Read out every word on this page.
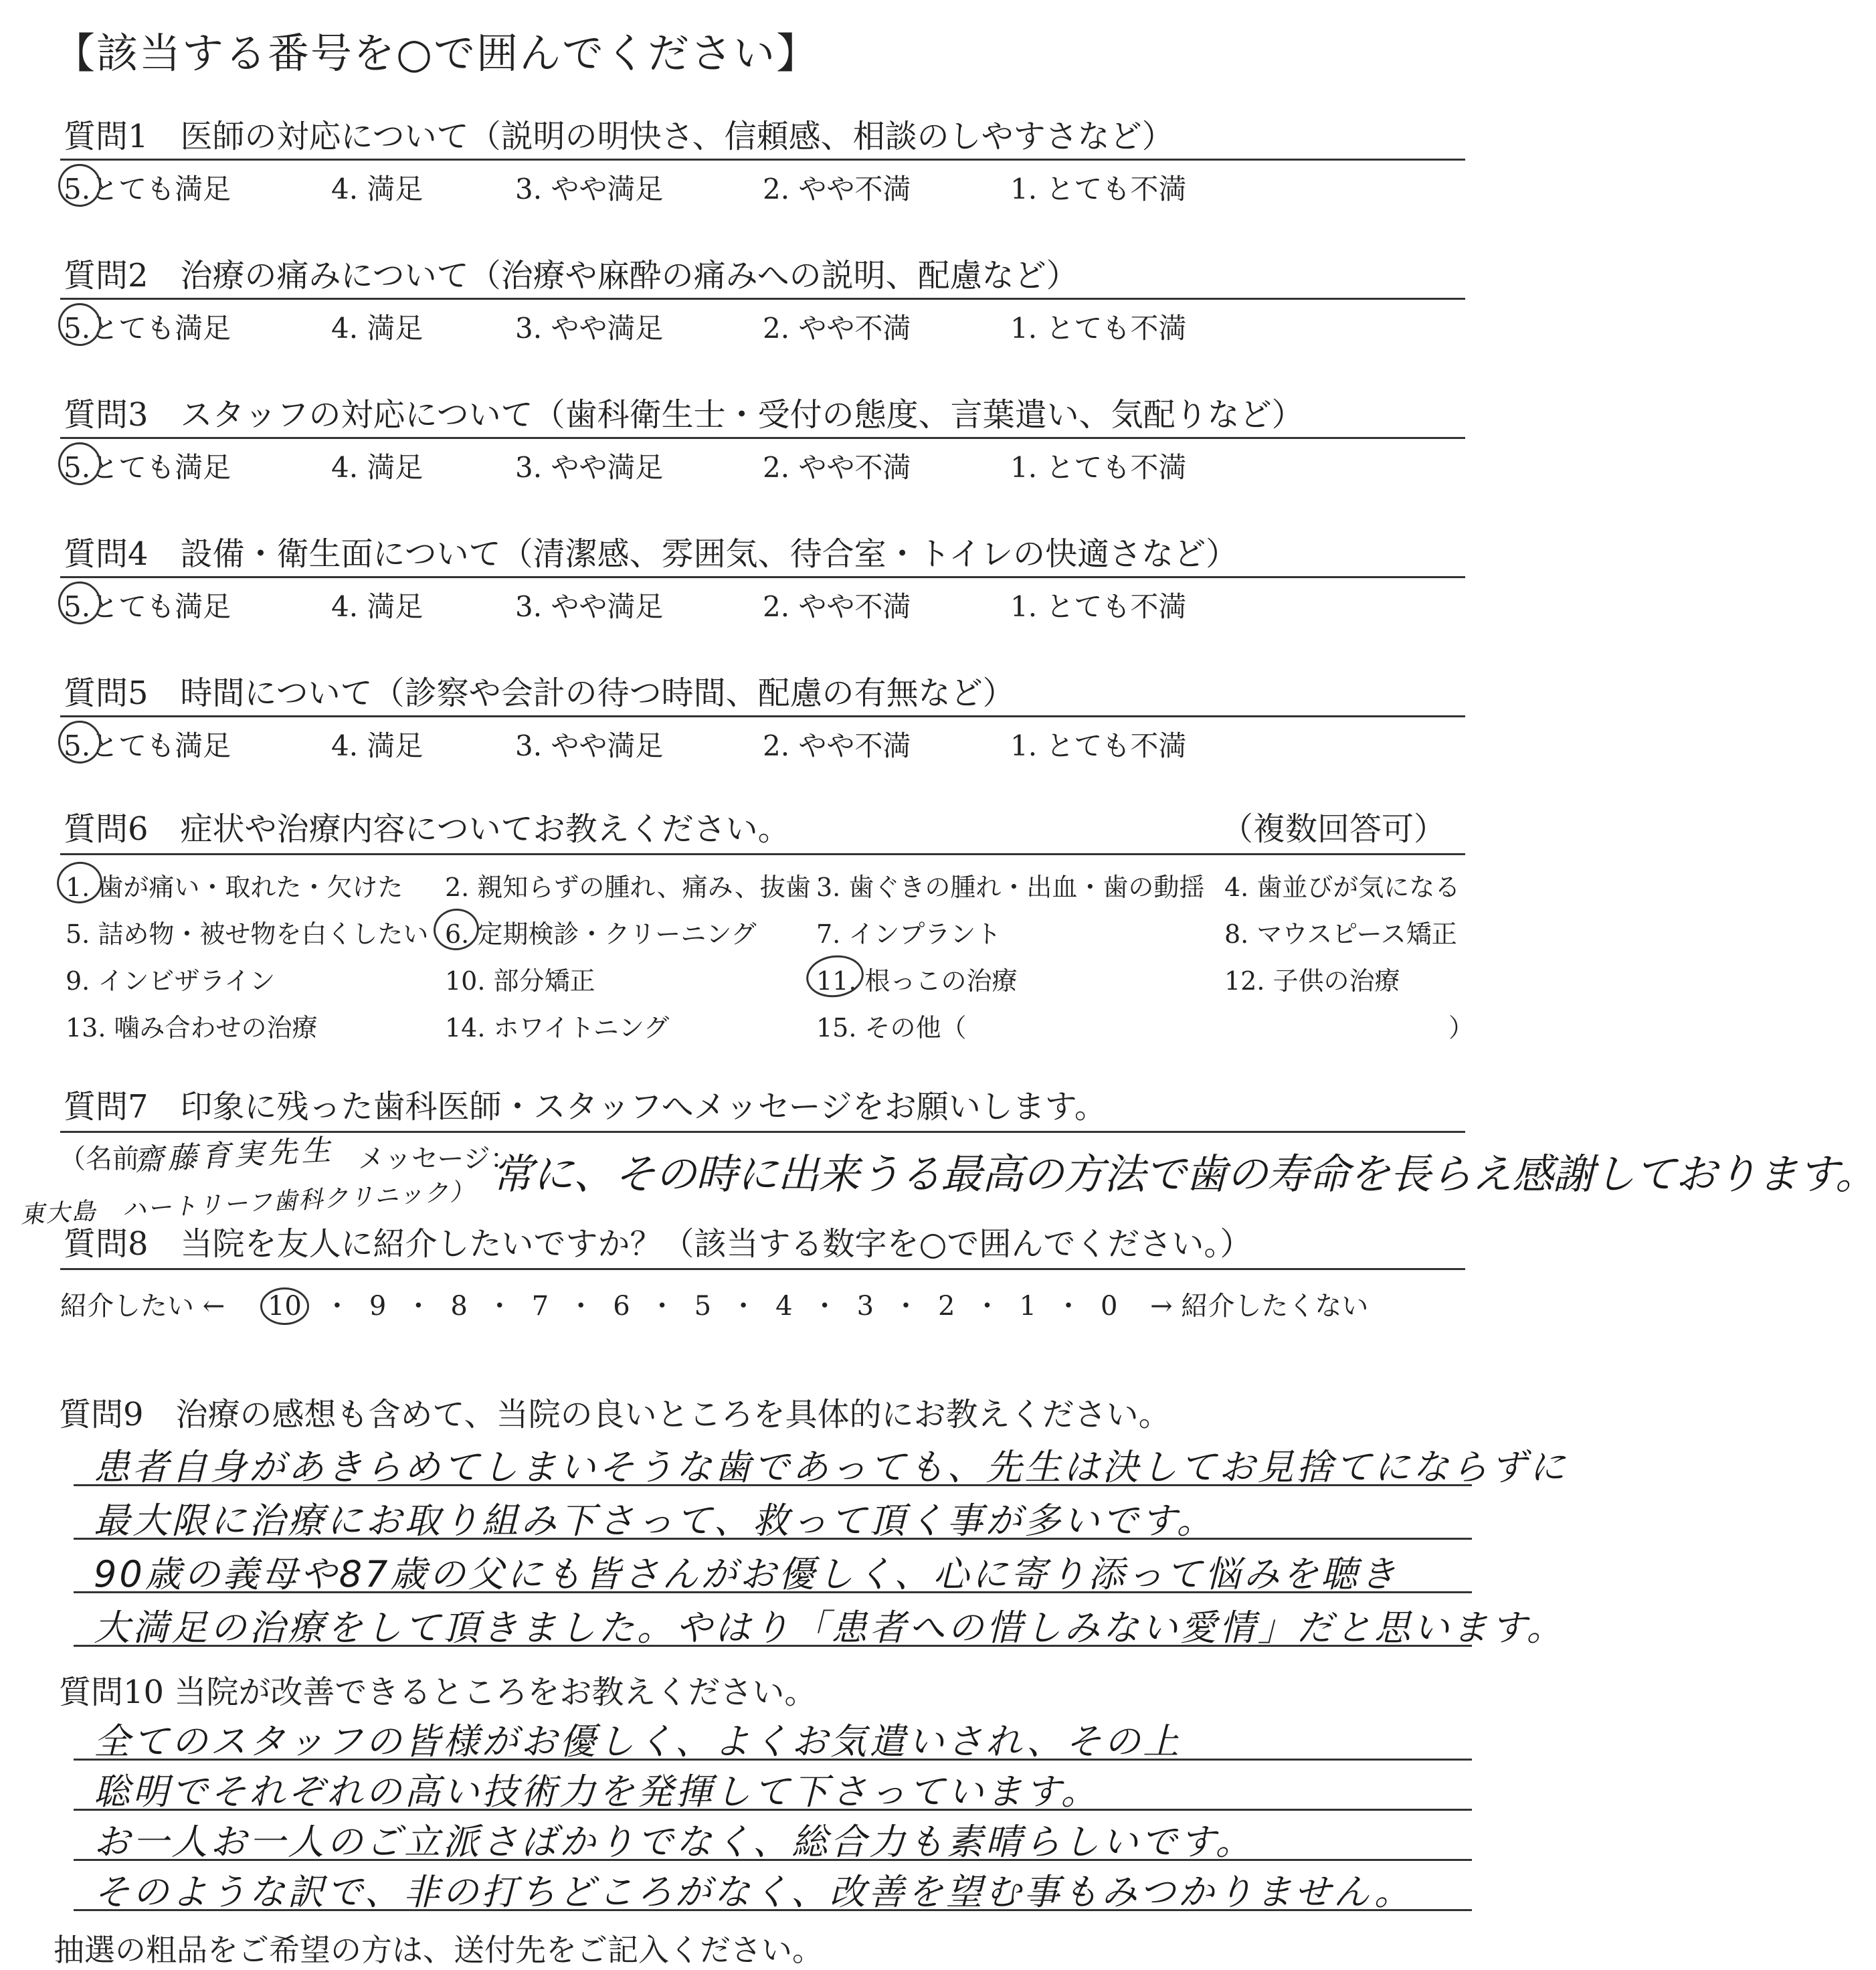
【該当する番号を○で囲んでください】
質問1　医師の対応について（説明の明快さ、信頼感、相談のしやすさなど）
5.とても満足	4. 満足	3. やや満足	2. やや不満	1. とても不満
質問2　治療の痛みについて（治療や麻酔の痛みへの説明、配慮など）
5.とても満足	4. 満足	3. やや満足	2. やや不満	1. とても不満
質問3　スタッフの対応について（歯科衛生士・受付の態度、言葉遣い、気配りなど）
5.とても満足	4. 満足	3. やや満足	2. やや不満	1. とても不満
質問4　設備・衛生面について（清潔感、雰囲気、待合室・トイレの快適さなど）
5.とても満足	4. 満足	3. やや満足	2. やや不満	1. とても不満
質問5　時間について（診察や会計の待つ時間、配慮の有無など）
5.とても満足	4. 満足	3. やや満足	2. やや不満	1. とても不満
質問6　症状や治療内容についてお教えください。	（複数回答可）
1. 歯が痛い・取れた・欠けた 2. 親知らずの腫れ、痛み、抜歯 3. 歯ぐきの腫れ・出血・歯の動揺 4. 歯並びが気になる
5. 詰め物・被せ物を白くしたい 6. 定期検診・クリーニング 7. インプラント	8. マウスピース矯正
9. インビザライン	10. 部分矯正	11. 根っこの治療	12. 子供の治療
13. 噛み合わせの治療	14. ホワイトニング	15. その他（	）
質問7　印象に残った歯科医師・スタッフへメッセージをお願いします。
（名前
齋藤育実先生 メッセージ：
東大島　ハートリーフ歯科クリニック）
常に、その時に出来うる最高の方法で歯の寿命を長らえ感謝しております。
質問8　当院を友人に紹介したいですか？（該当する数字を○で囲んでください。）
紹介したい ← 10 ・ 9 ・ 8 ・ 7 ・ 6 ・ 5 ・ 4 ・ 3 ・ 2 ・ 1 ・ 0 → 紹介したくない
質問9　治療の感想も含めて、当院の良いところを具体的にお教えください。
患者自身があきらめてしまいそうな歯であっても、先生は決してお見捨てにならずに
最大限に治療にお取り組み下さって、救って頂く事が多いです。
90歳の義母や87歳の父にも皆さんがお優しく、心に寄り添って悩みを聴き
大満足の治療をして頂きました。やはり「患者への惜しみない愛情」だと思います。
質問10 当院が改善できるところをお教えください。
全てのスタッフの皆様がお優しく、よくお気遣いされ、その上
聡明でそれぞれの高い技術力を発揮して下さっています。
お一人お一人のご立派さばかりでなく、総合力も素晴らしいです。
そのような訳で、非の打ちどころがなく、改善を望む事もみつかりません。
抽選の粗品をご希望の方は、送付先をご記入ください。
